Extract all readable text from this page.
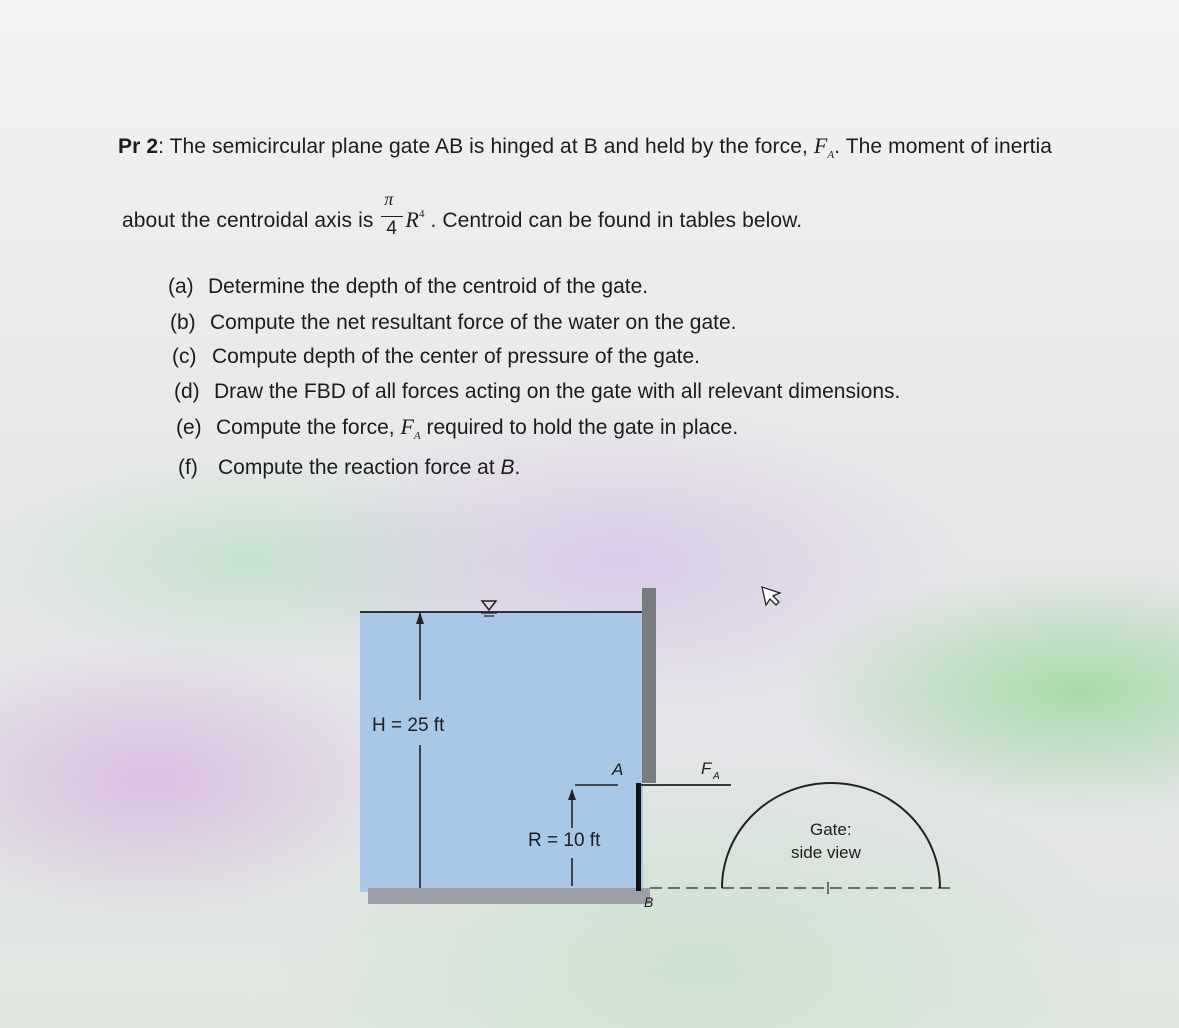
Pr 2: The semicircular plane gate AB is hinged at B and held by the force, $F_A$. The moment of inertia
about the centroidal axis is $\frac{\pi}{4} R^4$ . Centroid can be found in tables below.
(a) Determine the depth of the centroid of the gate.
(b) Compute the net resultant force of the water on the gate.
(c) Compute depth of the center of pressure of the gate.
(d) Draw the FBD of all forces acting on the gate with all relevant dimensions.
(e) Compute the force, $F_A$ required to hold the gate in place.
(f) Compute the reaction force at B.
H = 25 ft
R = 10 ft
A
B
F A
Gate:
side view
